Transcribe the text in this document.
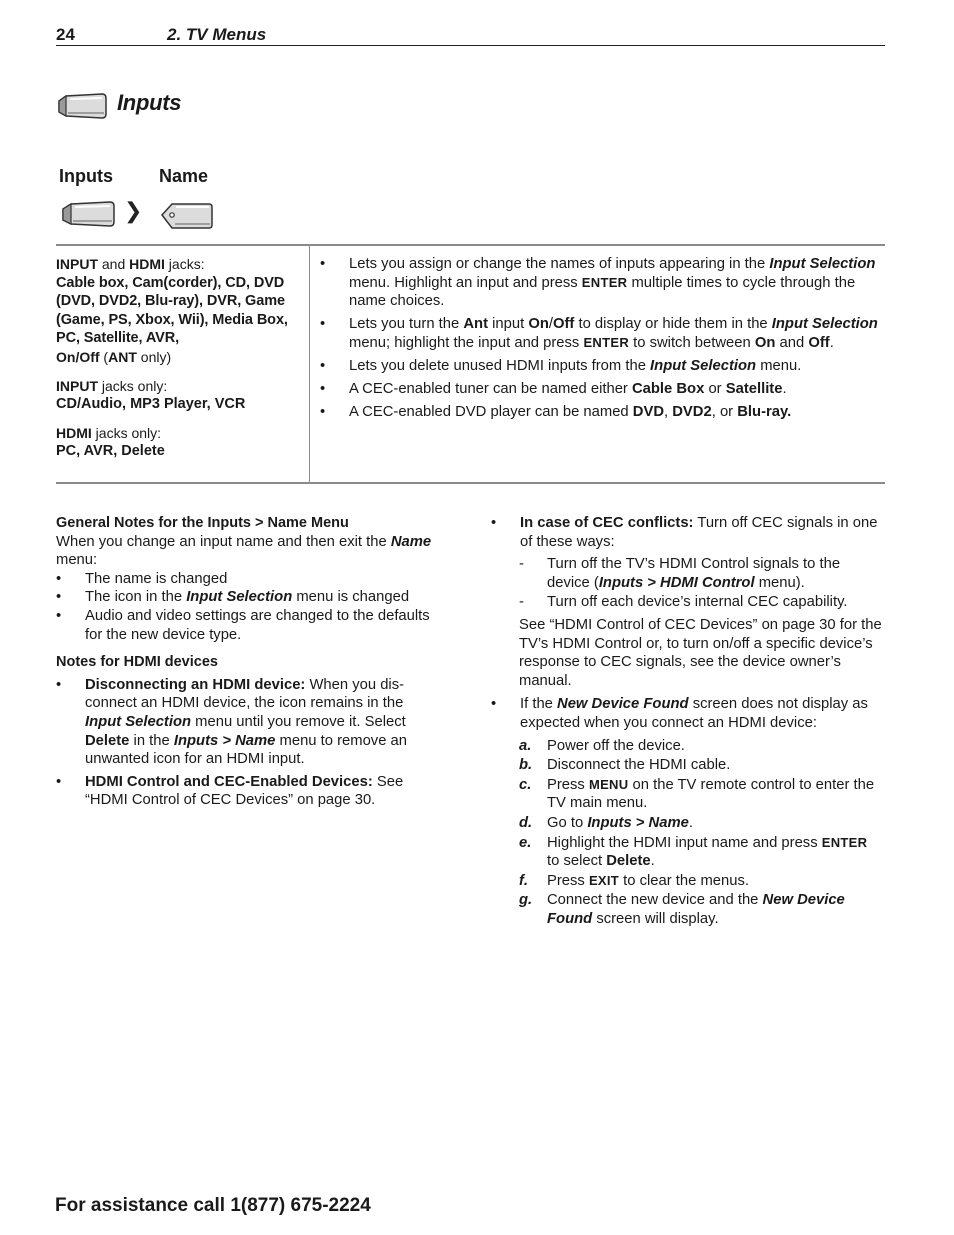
24	2. TV Menus
Inputs
Inputs	Name
❯
INPUT and HDMI jacks:
Cable box, Cam(corder), CD, DVD (DVD, DVD2, Blu-ray), DVR, Game (Game, PS, Xbox, Wii), Media Box, PC, Satellite, AVR,
On/Off (ANT only)
INPUT jacks only:
CD/Audio, MP3 Player, VCR
HDMI jacks only:
PC, AVR, Delete
• Lets you assign or change the names of inputs appearing in the Input Selection menu. Highlight an input and press ENTER multiple times to cycle through the name choices.
• Lets you turn the Ant input On/Off to display or hide them in the Input Selection menu; highlight the input and press ENTER to switch between On and Off.
• Lets you delete unused HDMI inputs from the Input Selection menu.
• A CEC-enabled tuner can be named either Cable Box or Satellite.
• A CEC-enabled DVD player can be named DVD, DVD2, or Blu-ray.
General Notes for the Inputs > Name Menu
When you change an input name and then exit the Name menu:
• The name is changed
• The icon in the Input Selection menu is changed
• Audio and video settings are changed to the defaults for the new device type.
Notes for HDMI devices
• Disconnecting an HDMI device: When you dis-connect an HDMI device, the icon remains in the Input Selection menu until you remove it. Select Delete in the Inputs > Name menu to remove an unwanted icon for an HDMI input.
• HDMI Control and CEC-Enabled Devices: See “HDMI Control of CEC Devices” on page 30.
• In case of CEC conflicts: Turn off CEC signals in one of these ways:
- Turn off the TV’s HDMI Control signals to the device (Inputs > HDMI Control menu).
- Turn off each device’s internal CEC capability.
See “HDMI Control of CEC Devices” on page 30 for the TV’s HDMI Control or, to turn on/off a specific device’s response to CEC signals, see the device owner’s manual.
• If the New Device Found screen does not display as expected when you connect an HDMI device:
a. Power off the device.
b. Disconnect the HDMI cable.
c. Press MENU on the TV remote control to enter the TV main menu.
d. Go to Inputs > Name.
e. Highlight the HDMI input name and press ENTER to select Delete.
f. Press EXIT to clear the menus.
g. Connect the new device and the New Device Found screen will display.
For assistance call 1(877) 675-2224
